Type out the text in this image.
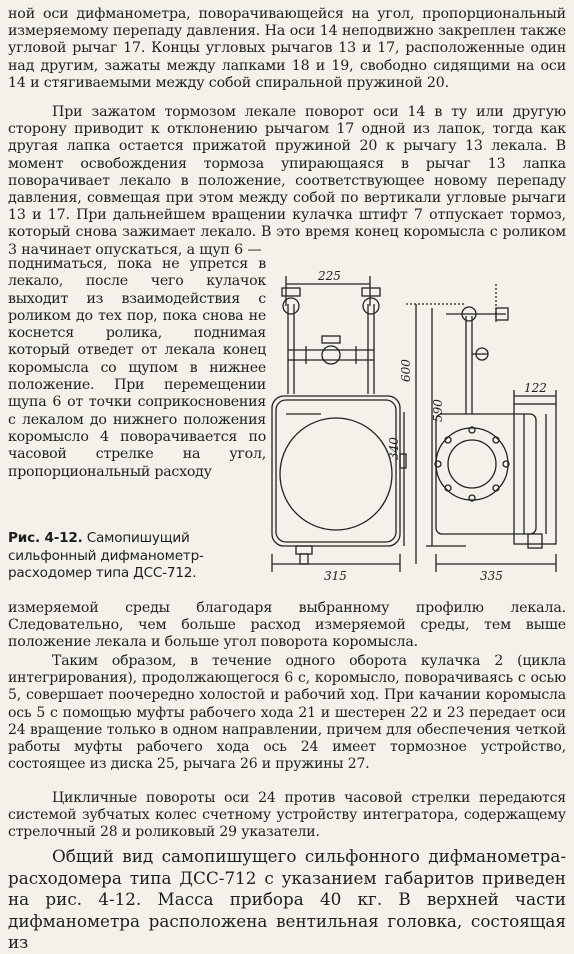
ной оси дифманометра, поворачивающейся на угол, пропорциональный измеряемому перепаду давления. На оси 14 неподвижно закреплен также угловой рычаг 17. Концы угловых рычагов 13 и 17, расположенные один над другим, зажаты между лапками 18 и 19, свободно сидящими на оси 14 и стягиваемыми между собой спиральной пружиной 20.

При зажатом тормозом лекале поворот оси 14 в ту или другую сторону приводит к отклонению рычагом 17 одной из лапок, тогда как другая лапка остается прижатой пружиной 20 к рычагу 13 лекала. В момент освобождения тормоза упирающаяся в рычаг 13 лапка поворачивает лекало в положение, соответствующее новому перепаду давления, совмещая при этом между собой по вертикали угловые рычаги 13 и 17. При дальнейшем вращении кулачка штифт 7 отпускает тормоз, который снова зажимает лекало. В это время конец коромысла с роликом 3 начинает опускаться, а щуп 6 —

подниматься, пока не упрется в лекало, после чего кулачок выходит из взаимодействия с роликом до тех пор, пока снова не коснется ролика, поднимая который отведет от лекала конец коромысла со щупом в нижнее положение. При перемещении щупа 6 от точки соприкосновения с лекалом до нижнего положения коромысло 4 поворачивается по часовой стрелке на угол, пропорциональный расходу

Рис. 4-12. Самопишущий сильфонный дифманометр-расходомер типа ДСС-712.
225
600
590
340
315	335
122

измеряемой среды благодаря выбранному профилю лекала. Следовательно, чем больше расход измеряемой среды, тем выше положение лекала и больше угол поворота коромысла.

Таким образом, в течение одного оборота кулачка 2 (цикла интегрирования), продолжающегося 6 с, коромысло, поворачиваясь с осью 5, совершает поочередно холостой и рабочий ход. При качании коромысла ось 5 с помощью муфты рабочего хода 21 и шестерен 22 и 23 передает оси 24 вращение только в одном направлении, причем для обеспечения четкой работы муфты рабочего хода ось 24 имеет тормозное устройство, состоящее из диска 25, рычага 26 и пружины 27.

Цикличные повороты оси 24 против часовой стрелки передаются системой зубчатых колес счетному устройству интегратора, содержащему стрелочный 28 и роликовый 29 указатели.

Общий вид самопишущего сильфонного дифманометра-расходомера типа ДСС-712 с указанием габаритов приведен на рис. 4-12. Масса прибора 40 кг. В верхней части дифманометра расположена вентильная головка, состоящая из
